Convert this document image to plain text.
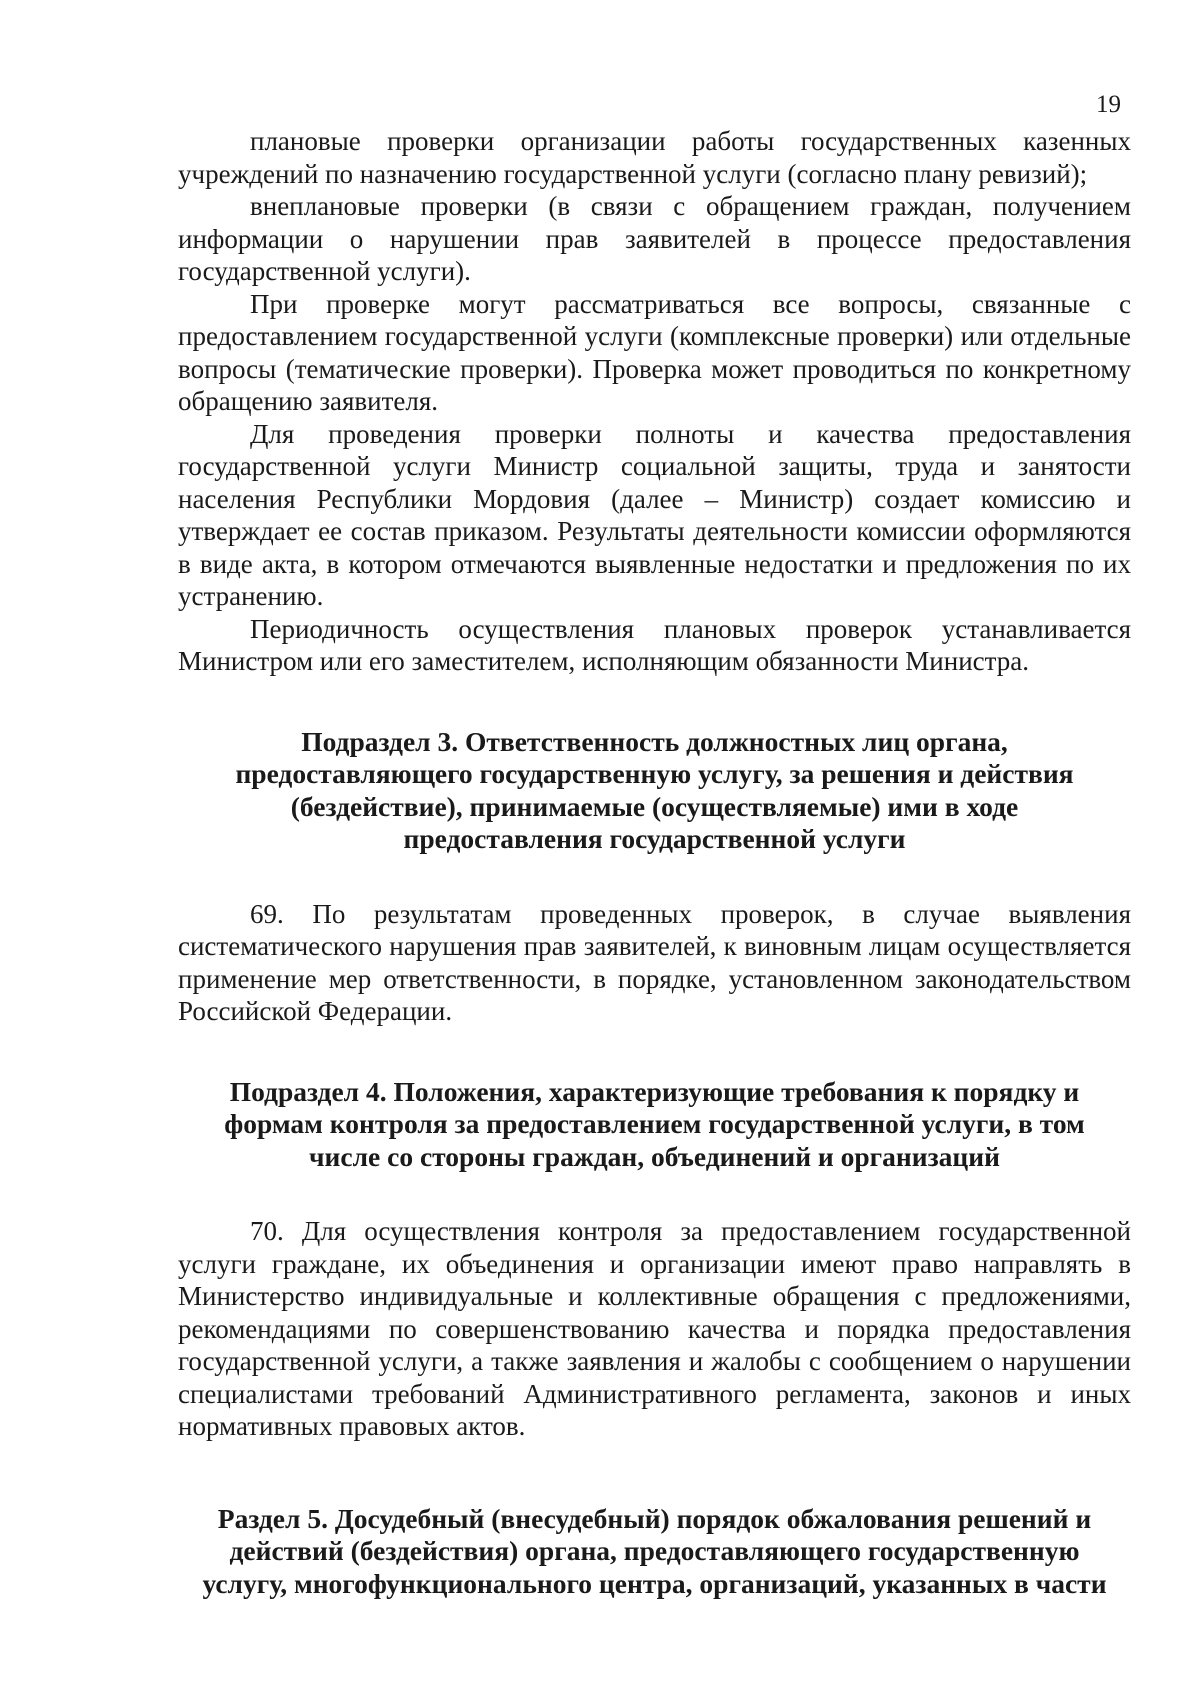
19

плановые проверки организации работы государственных казенных учреждений по назначению государственной услуги (согласно плану ревизий);

внеплановые проверки (в связи с обращением граждан, получением информации о нарушении прав заявителей в процессе предоставления государственной услуги).

При проверке могут рассматриваться все вопросы, связанные с предоставлением государственной услуги (комплексные проверки) или отдельные вопросы (тематические проверки). Проверка может проводиться по конкретному обращению заявителя.

Для проведения проверки полноты и качества предоставления государственной услуги Министр социальной защиты, труда и занятости населения Республики Мордовия (далее – Министр) создает комиссию и утверждает ее состав приказом. Результаты деятельности комиссии оформляются в виде акта, в котором отмечаются выявленные недостатки и предложения по их устранению.

Периодичность осуществления плановых проверок устанавливается Министром или его заместителем, исполняющим обязанности Министра.

Подраздел 3. Ответственность должностных лиц органа,
предоставляющего государственную услугу, за решения и действия
(бездействие), принимаемые (осуществляемые) ими в ходе
предоставления государственной услуги

69. По результатам проведенных проверок, в случае выявления систематического нарушения прав заявителей, к виновным лицам осуществляется применение мер ответственности, в порядке, установленном законодательством Российской Федерации.

Подраздел 4. Положения, характеризующие требования к порядку и
формам контроля за предоставлением государственной услуги, в том
числе со стороны граждан, объединений и организаций

70. Для осуществления контроля за предоставлением государственной услуги граждане, их объединения и организации имеют право направлять в Министерство индивидуальные и коллективные обращения с предложениями, рекомендациями по совершенствованию качества и порядка предоставления государственной услуги, а также заявления и жалобы с сообщением о нарушении специалистами требований Административного регламента, законов и иных нормативных правовых актов.

Раздел 5. Досудебный (внесудебный) порядок обжалования решений и
действий (бездействия) органа, предоставляющего государственную
услугу, многофункционального центра, организаций, указанных в части
